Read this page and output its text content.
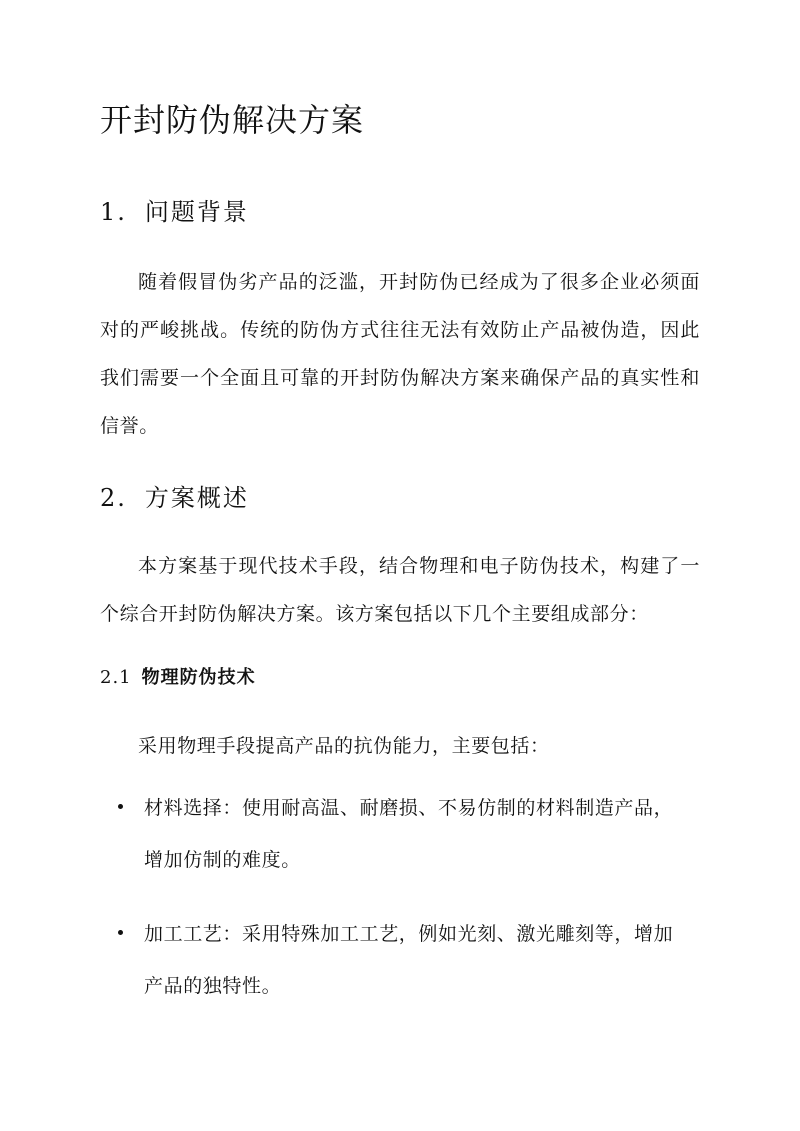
开封防伪解决方案
1. 问题背景

随着假冒伪劣产品的泛滥，开封防伪已经成为了很多企业必须面对的严峻挑战。传统的防伪方式往往无法有效防止产品被伪造，因此我们需要一个全面且可靠的开封防伪解决方案来确保产品的真实性和信誉。

2. 方案概述

本方案基于现代技术手段，结合物理和电子防伪技术，构建了一个综合开封防伪解决方案。该方案包括以下几个主要组成部分：

2.1 物理防伪技术

采用物理手段提高产品的抗伪能力，主要包括：

材料选择：使用耐高温、耐磨损、不易仿制的材料制造产品，增加仿制的难度。
加工工艺：采用特殊加工工艺，例如光刻、激光雕刻等，增加产品的独特性。
